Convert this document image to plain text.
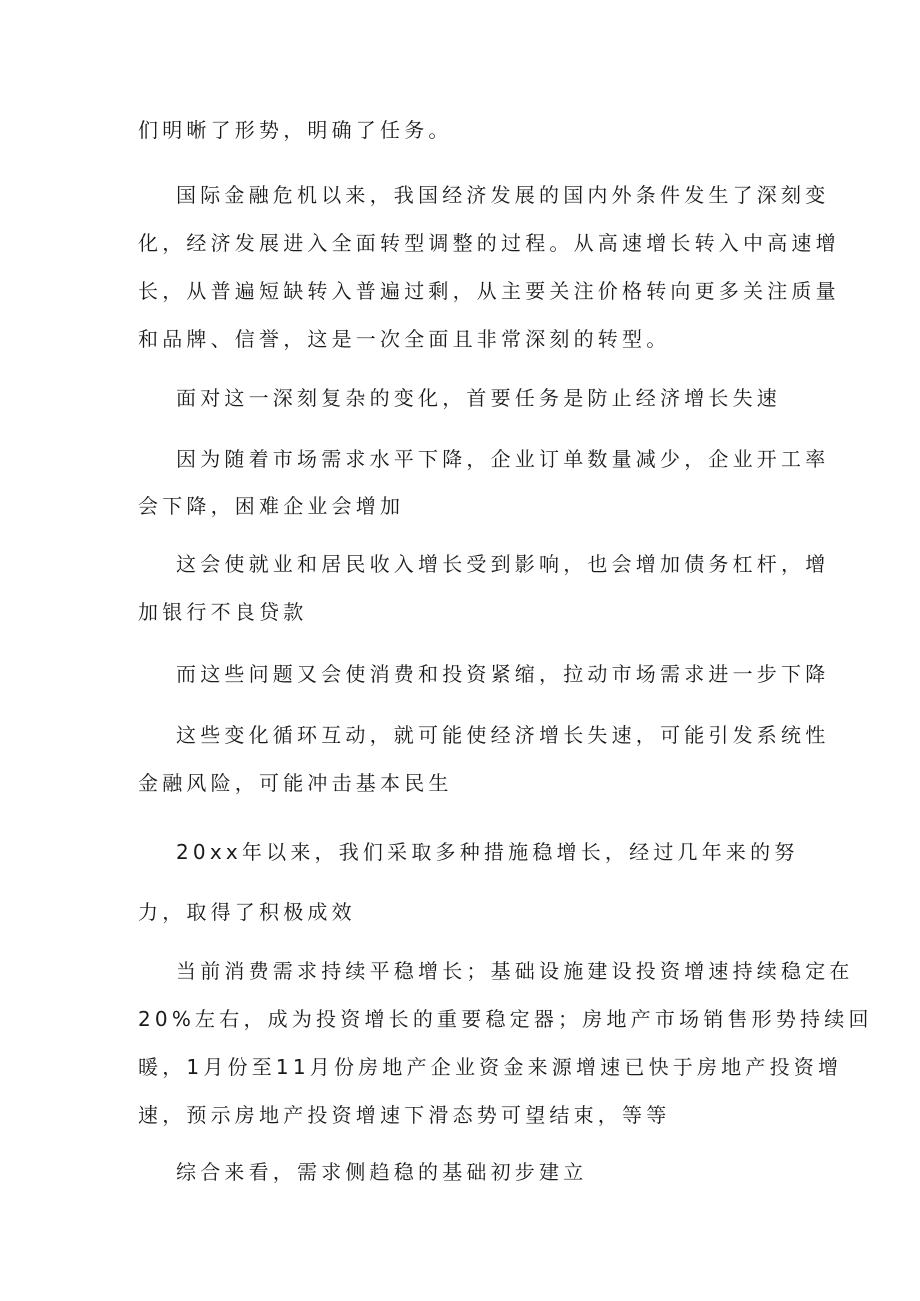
们明晰了形势，明确了任务。

国际金融危机以来，我国经济发展的国内外条件发生了深刻变

化，经济发展进入全面转型调整的过程。从高速增长转入中高速增

长，从普遍短缺转入普遍过剩，从主要关注价格转向更多关注质量

和品牌、信誉，这是一次全面且非常深刻的转型。

面对这一深刻复杂的变化，首要任务是防止经济增长失速

因为随着市场需求水平下降，企业订单数量减少，企业开工率

会下降，困难企业会增加

这会使就业和居民收入增长受到影响，也会增加债务杠杆，增

加银行不良贷款

而这些问题又会使消费和投资紧缩，拉动市场需求进一步下降

这些变化循环互动，就可能使经济增长失速，可能引发系统性

金融风险，可能冲击基本民生

20xx年以来，我们采取多种措施稳增长，经过几年来的努

力，取得了积极成效

当前消费需求持续平稳增长；基础设施建设投资增速持续稳定在

20%左右，成为投资增长的重要稳定器；房地产市场销售形势持续回

暖，1月份至11月份房地产企业资金来源增速已快于房地产投资增

速，预示房地产投资增速下滑态势可望结束，等等

综合来看，需求侧趋稳的基础初步建立
